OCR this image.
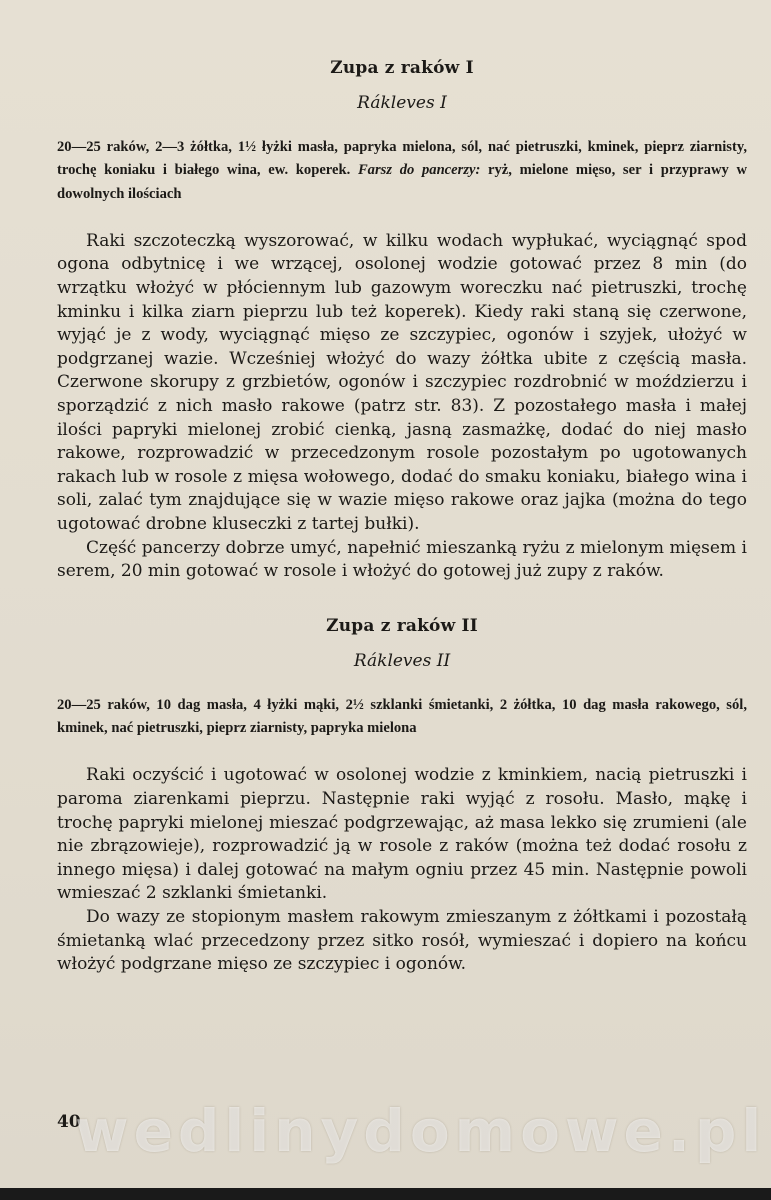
Zupa z raków I
Rákleves I
20—25 raków, 2—3 żółtka, 1½ łyżki masła, papryka mielona, sól, nać pietruszki, kminek, pieprz ziarnisty, trochę koniaku i białego wina, ew. koperek. Farsz do pancerzy: ryż, mielone mięso, ser i przyprawy w dowolnych ilościach

Raki szczoteczką wyszorować, w kilku wodach wypłukać, wyciągnąć spod ogona odbytnicę i we wrzącej, osolonej wodzie gotować przez 8 min (do wrzątku włożyć w płóciennym lub gazowym woreczku nać pietruszki, trochę kminku i kilka ziarn pieprzu lub też koperek). Kiedy raki staną się czerwone, wyjąć je z wody, wyciągnąć mięso ze szczypiec, ogonów i szyjek, ułożyć w podgrzanej wazie. Wcześniej włożyć do wazy żółtka ubite z częścią masła. Czerwone skorupy z grzbietów, ogonów i szczypiec rozdrobnić w moździerzu i sporządzić z nich masło rakowe (patrz str. 83). Z pozostałego masła i małej ilości papryki mielonej zrobić cienką, jasną zasmażkę, dodać do niej masło rakowe, rozprowadzić w przecedzonym rosole pozostałym po ugotowanych rakach lub w rosole z mięsa wołowego, dodać do smaku koniaku, białego wina i soli, zalać tym znajdujące się w wazie mięso rakowe oraz jajka (można do tego ugotować drobne kluseczki z tartej bułki).

Część pancerzy dobrze umyć, napełnić mieszanką ryżu z mielonym mięsem i serem, 20 min gotować w rosole i włożyć do gotowej już zupy z raków.

Zupa z raków II
Rákleves II
20—25 raków, 10 dag masła, 4 łyżki mąki, 2½ szklanki śmietanki, 2 żółtka, 10 dag masła rakowego, sól, kminek, nać pietruszki, pieprz ziarnisty, papryka mielona

Raki oczyścić i ugotować w osolonej wodzie z kminkiem, nacią pietruszki i paroma ziarenkami pieprzu. Następnie raki wyjąć z rosołu. Masło, mąkę i trochę papryki mielonej mieszać podgrzewając, aż masa lekko się zrumieni (ale nie zbrązowieje), rozprowadzić ją w rosole z raków (można też dodać rosołu z innego mięsa) i dalej gotować na małym ogniu przez 45 min. Następnie powoli wmieszać 2 szklanki śmietanki.

Do wazy ze stopionym masłem rakowym zmieszanym z żółtkami i pozostałą śmietanką wlać przecedzony przez sitko rosół, wymieszać i dopiero na końcu włożyć podgrzane mięso ze szczypiec i ogonów.

40
wedlinydomowe.pl
